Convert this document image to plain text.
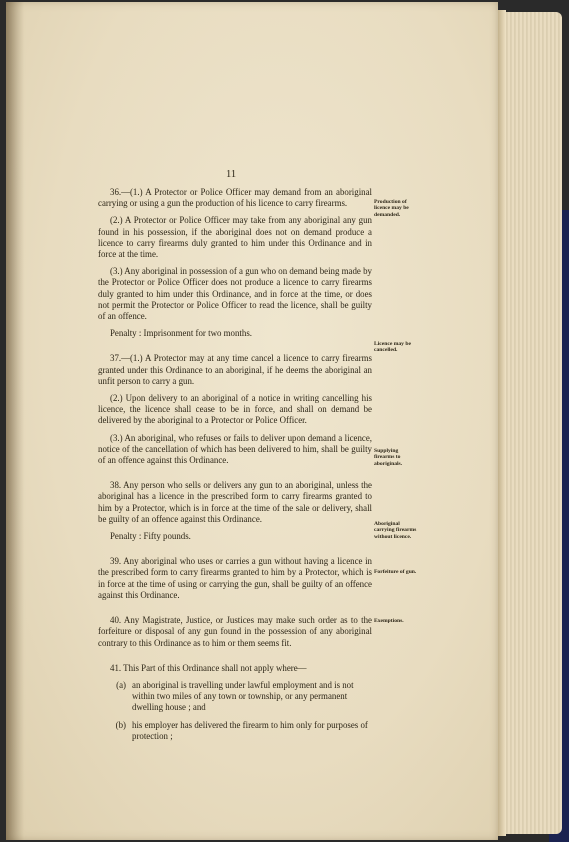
11

36.—(1.) A Protector or Police Officer may demand from an aboriginal carrying or using a gun the production of his licence to carry firearms.

(2.) A Protector or Police Officer may take from any aboriginal any gun found in his possession, if the aboriginal does not on demand produce a licence to carry firearms duly granted to him under this Ordinance and in force at the time.

(3.) Any aboriginal in possession of a gun who on demand being made by the Protector or Police Officer does not produce a licence to carry firearms duly granted to him under this Ordinance, and in force at the time, or does not permit the Protector or Police Officer to read the licence, shall be guilty of an offence.

Penalty : Imprisonment for two months.

37.—(1.) A Protector may at any time cancel a licence to carry firearms granted under this Ordinance to an aboriginal, if he deems the aboriginal an unfit person to carry a gun.

(2.) Upon delivery to an aboriginal of a notice in writing cancelling his licence, the licence shall cease to be in force, and shall on demand be delivered by the aboriginal to a Protector or Police Officer.

(3.) An aboriginal, who refuses or fails to deliver upon demand a licence, notice of the cancellation of which has been delivered to him, shall be guilty of an offence against this Ordinance.

38. Any person who sells or delivers any gun to an aboriginal, unless the aboriginal has a licence in the prescribed form to carry firearms granted to him by a Protector, which is in force at the time of the sale or delivery, shall be guilty of an offence against this Ordinance.

Penalty : Fifty pounds.

39. Any aboriginal who uses or carries a gun without having a licence in the prescribed form to carry firearms granted to him by a Protector, which is in force at the time of using or carrying the gun, shall be guilty of an offence against this Ordinance.

40. Any Magistrate, Justice, or Justices may make such order as to the forfeiture or disposal of any gun found in the possession of any aboriginal contrary to this Ordinance as to him or them seems fit.

41. This Part of this Ordinance shall not apply where—

(a) an aboriginal is travelling under lawful employment and is not within two miles of any town or township, or any permanent dwelling house ; and
(b) his employer has delivered the firearm to him only for purposes of protection ;
Production of licence may be demanded.
Licence may be cancelled.
Supplying firearms to aboriginals.
Aboriginal carrying firearms without licence.
Forfeiture of gun.
Exemptions.
